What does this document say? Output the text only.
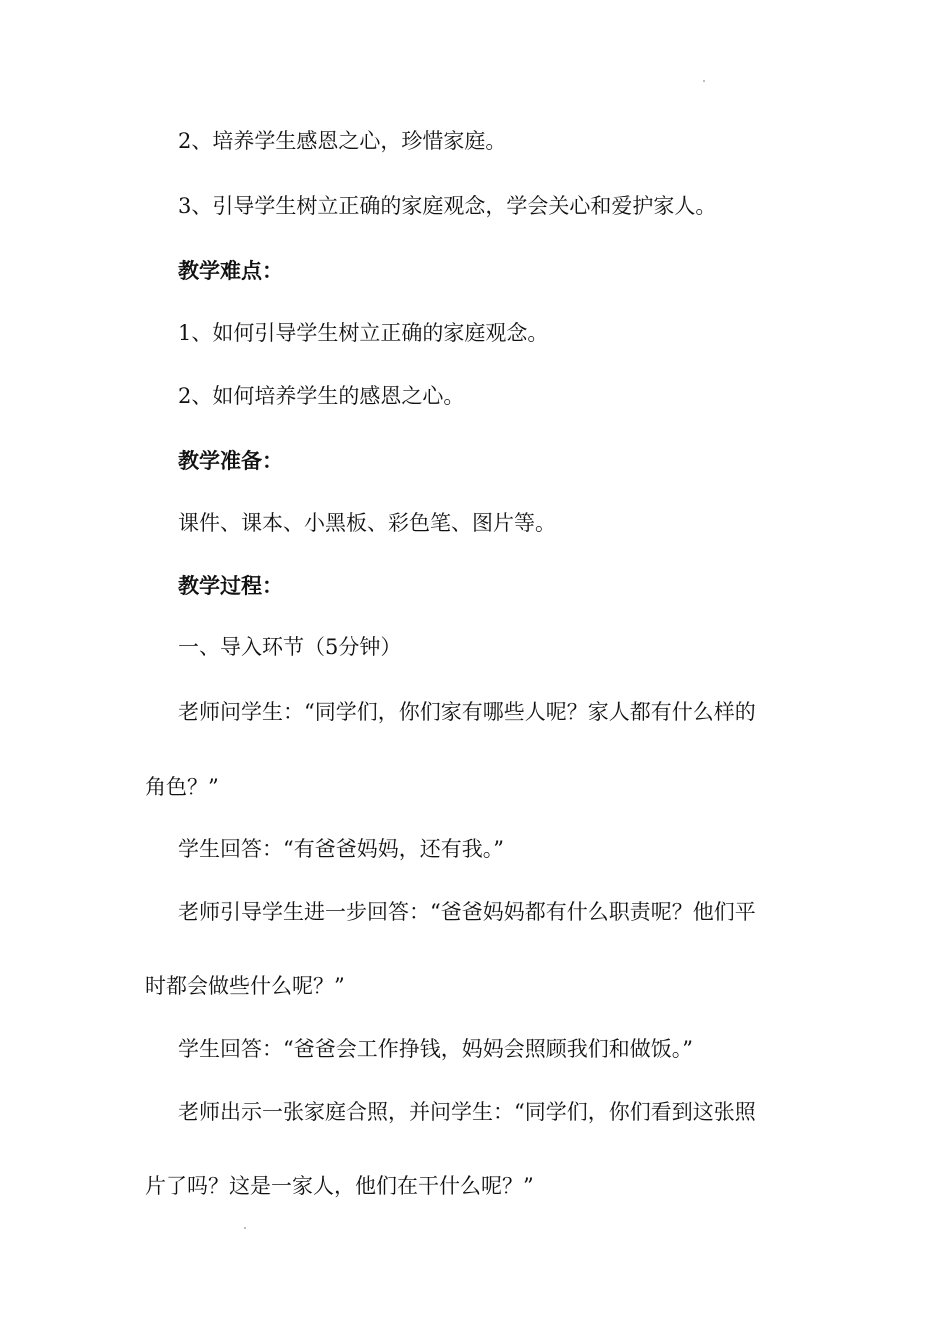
2、培养学生感恩之心，珍惜家庭。
3、引导学生树立正确的家庭观念，学会关心和爱护家人。
教学难点：
1、如何引导学生树立正确的家庭观念。
2、如何培养学生的感恩之心。
教学准备：
课件、课本、小黑板、彩色笔、图片等。
教学过程：
一、导入环节（5分钟）
老师问学生：“同学们，你们家有哪些人呢？家人都有什么样的
角色？”
学生回答：“有爸爸妈妈，还有我。”
老师引导学生进一步回答：“爸爸妈妈都有什么职责呢？他们平
时都会做些什么呢？”
学生回答：“爸爸会工作挣钱，妈妈会照顾我们和做饭。”
老师出示一张家庭合照，并问学生：“同学们，你们看到这张照
片了吗？这是一家人，他们在干什么呢？”
